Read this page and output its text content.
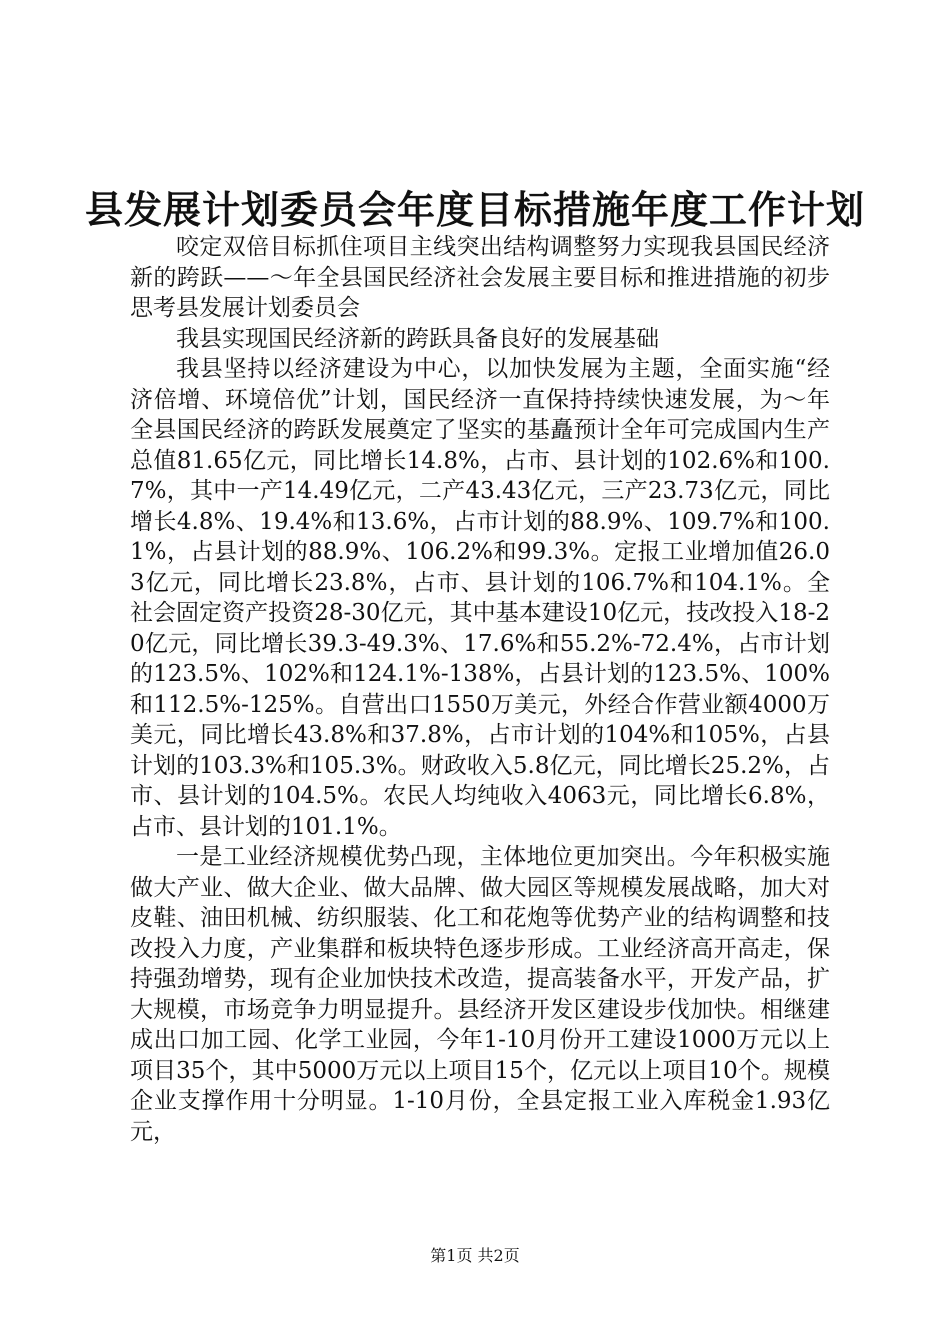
县发展计划委员会年度目标措施年度工作计划

咬定双倍目标抓住项目主线突出结构调整努力实现我县国民经济新的跨跃——～年全县国民经济社会发展主要目标和推进措施的初步思考县发展计划委员会

我县实现国民经济新的跨跃具备良好的发展基础

我县坚持以经济建设为中心，以加快发展为主题，全面实施“经济倍增、环境倍优”计划，国民经济一直保持持续快速发展，为～年全县国民经济的跨跃发展奠定了坚实的基矗预计全年可完成国内生产总值81.65亿元，同比增长14.8%，占市、县计划的102.6%和100.7%，其中一产14.49亿元，二产43.43亿元，三产23.73亿元，同比增长4.8%、19.4%和13.6%，占市计划的88.9%、109.7%和100.1%，占县计划的88.9%、106.2%和99.3%。定报工业增加值26.03亿元，同比增长23.8%，占市、县计划的106.7%和104.1%。全社会固定资产投资28-30亿元，其中基本建设10亿元，技改投入18-20亿元，同比增长39.3-49.3%、17.6%和55.2%-72.4%，占市计划的123.5%、102%和124.1%-138%，占县计划的123.5%、100%和112.5%-125%。自营出口1550万美元，外经合作营业额4000万美元，同比增长43.8%和37.8%，占市计划的104%和105%，占县计划的103.3%和105.3%。财政收入5.8亿元，同比增长25.2%，占市、县计划的104.5%。农民人均纯收入4063元，同比增长6.8%，占市、县计划的101.1%。

一是工业经济规模优势凸现，主体地位更加突出。今年积极实施做大产业、做大企业、做大品牌、做大园区等规模发展战略，加大对皮鞋、油田机械、纺织服装、化工和花炮等优势产业的结构调整和技改投入力度，产业集群和板块特色逐步形成。工业经济高开高走，保持强劲增势，现有企业加快技术改造，提高装备水平，开发产品，扩大规模，市场竞争力明显提升。县经济开发区建设步伐加快。相继建成出口加工园、化学工业园，今年1-10月份开工建设1000万元以上项目35个，其中5000万元以上项目15个，亿元以上项目10个。规模企业支撑作用十分明显。1-10月份，全县定报工业入库税金1.93亿元，

第1页 共2页
